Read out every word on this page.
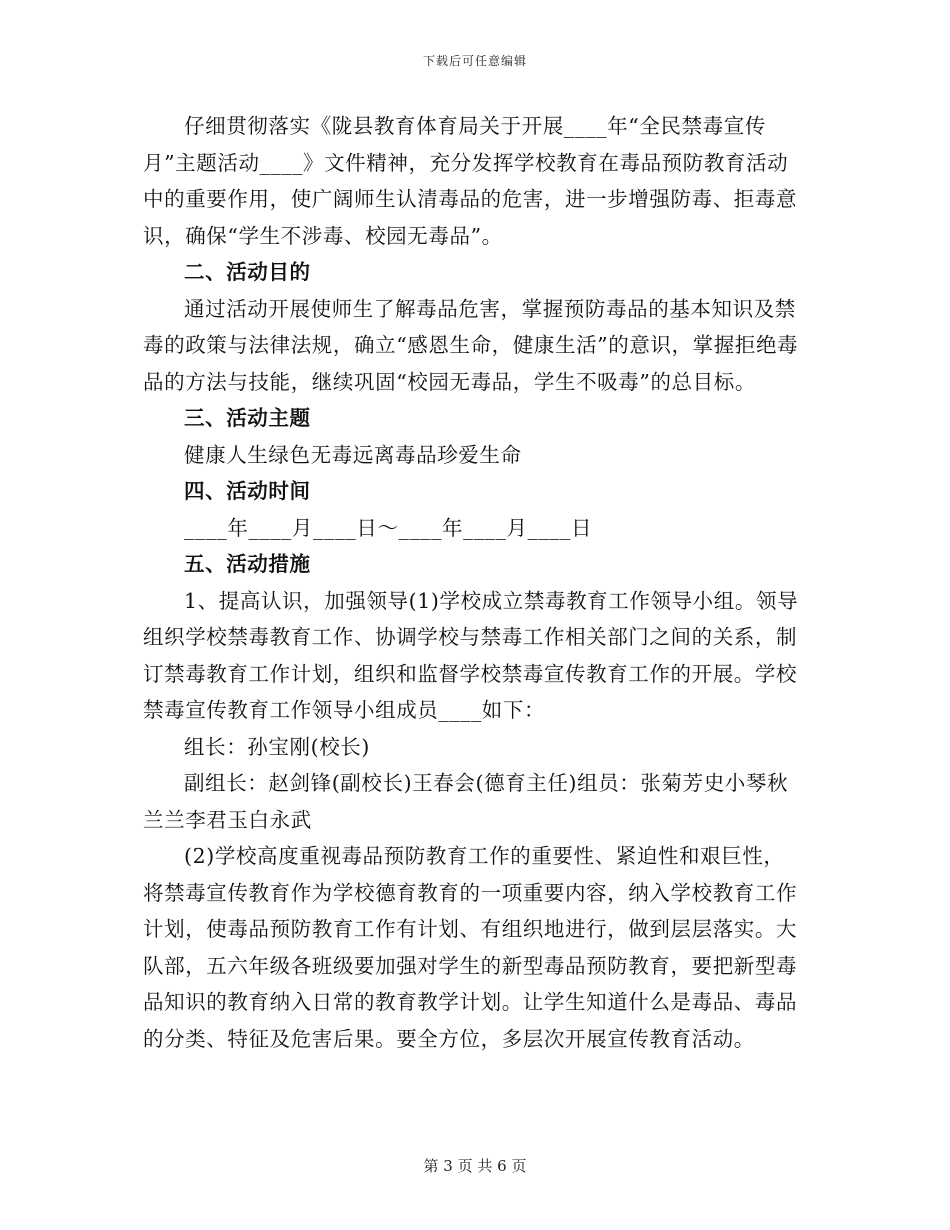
下载后可任意编辑

仔细贯彻落实《陇县教育体育局关于开展____年“全民禁毒宣传月”主题活动____》文件精神，充分发挥学校教育在毒品预防教育活动中的重要作用，使广阔师生认清毒品的危害，进一步增强防毒、拒毒意识，确保“学生不涉毒、校园无毒品”。

二、活动目的

通过活动开展使师生了解毒品危害，掌握预防毒品的基本知识及禁毒的政策与法律法规，确立“感恩生命，健康生活”的意识，掌握拒绝毒品的方法与技能，继续巩固“校园无毒品，学生不吸毒”的总目标。

三、活动主题

健康人生绿色无毒远离毒品珍爱生命

四、活动时间

____年____月____日～____年____月____日

五、活动措施

1、提高认识，加强领导(1)学校成立禁毒教育工作领导小组。领导组织学校禁毒教育工作、协调学校与禁毒工作相关部门之间的关系，制订禁毒教育工作计划，组织和监督学校禁毒宣传教育工作的开展。学校禁毒宣传教育工作领导小组成员____如下：

组长：孙宝刚(校长)

副组长：赵剑锋(副校长)王春会(德育主任)组员：张菊芳史小琴秋兰兰李君玉白永武

(2)学校高度重视毒品预防教育工作的重要性、紧迫性和艰巨性，将禁毒宣传教育作为学校德育教育的一项重要内容，纳入学校教育工作计划，使毒品预防教育工作有计划、有组织地进行，做到层层落实。大队部，五六年级各班级要加强对学生的新型毒品预防教育，要把新型毒品知识的教育纳入日常的教育教学计划。让学生知道什么是毒品、毒品的分类、特征及危害后果。要全方位，多层次开展宣传教育活动。

第 3 页 共 6 页
